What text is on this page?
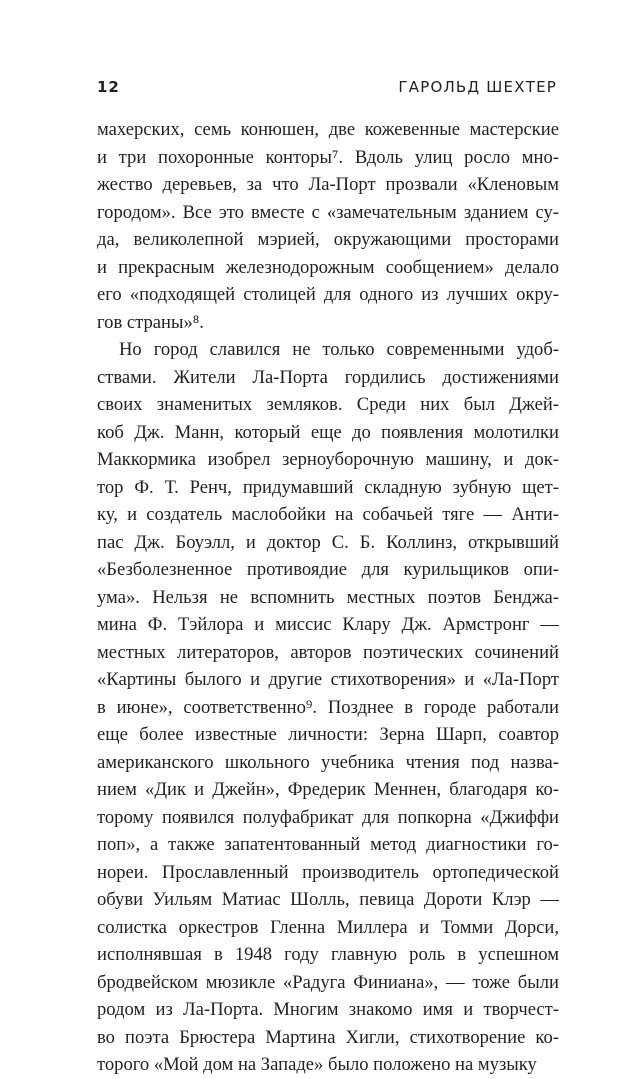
12	ГАРОЛЬД ШЕХТЕР
махерских, семь конюшен, две кожевенные мастерские
и три похоронные конторы⁷. Вдоль улиц росло мно-
жество деревьев, за что Ла-Порт прозвали «Кленовым
городом». Все это вместе с «замечательным зданием су-
да, великолепной мэрией, окружающими просторами
и прекрасным железнодорожным сообщением» делало
его «подходящей столицей для одного из лучших окру-
гов страны»⁸.
Но город славился не только современными удоб-
ствами. Жители Ла-Порта гордились достижениями
своих знаменитых земляков. Среди них был Джей-
коб Дж. Манн, который еще до появления молотилки
Маккормика изобрел зерноуборочную машину, и док-
тор Ф. Т. Ренч, придумавший складную зубную щет-
ку, и создатель маслобойки на собачьей тяге — Анти-
пас Дж. Боуэлл, и доктор С. Б. Коллинз, открывший
«Безболезненное противоядие для курильщиков опи-
ума». Нельзя не вспомнить местных поэтов Бенджа-
мина Ф. Тэйлора и миссис Клару Дж. Армстронг —
местных литераторов, авторов поэтических сочинений
«Картины былого и другие стихотворения» и «Ла-Порт
в июне», соответственно⁹. Позднее в городе работали
еще более известные личности: Зерна Шарп, соавтор
американского школьного учебника чтения под назва-
нием «Дик и Джейн», Фредерик Меннен, благодаря ко-
торому появился полуфабрикат для попкорна «Джиффи
поп», а также запатентованный метод диагностики го-
нореи. Прославленный производитель ортопедической
обуви Уильям Матиас Шолль, певица Дороти Клэр —
солистка оркестров Гленна Миллера и Томми Дорси,
исполнявшая в 1948 году главную роль в успешном
бродвейском мюзикле «Радуга Финиана», — тоже были
родом из Ла-Порта. Многим знакомо имя и творчест-
во поэта Брюстера Мартина Хигли, стихотворение ко-
торого «Мой дом на Западе» было положено на музыку
